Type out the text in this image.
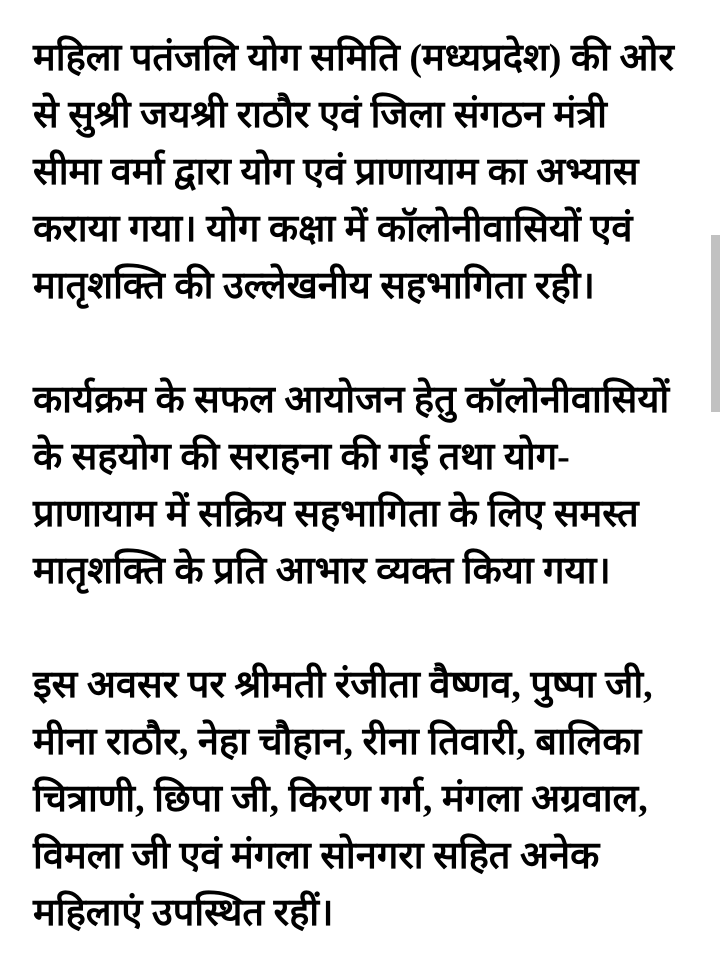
महिला पतंजलि योग समिति (मध्यप्रदेश) की ओर
से सुश्री जयश्री राठौर एवं जिला संगठन मंत्री
सीमा वर्मा द्वारा योग एवं प्राणायाम का अभ्यास
कराया गया। योग कक्षा में कॉलोनीवासियों एवं
मातृशक्ति की उल्लेखनीय सहभागिता रही।
कार्यक्रम के सफल आयोजन हेतु कॉलोनीवासियों
के सहयोग की सराहना की गई तथा योग-
प्राणायाम में सक्रिय सहभागिता के लिए समस्त
मातृशक्ति के प्रति आभार व्यक्त किया गया।
इस अवसर पर श्रीमती रंजीता वैष्णव, पुष्पा जी,
मीना राठौर, नेहा चौहान, रीना तिवारी, बालिका
चित्राणी, छिपा जी, किरण गर्ग, मंगला अग्रवाल,
विमला जी एवं मंगला सोनगरा सहित अनेक
महिलाएं उपस्थित रहीं।
